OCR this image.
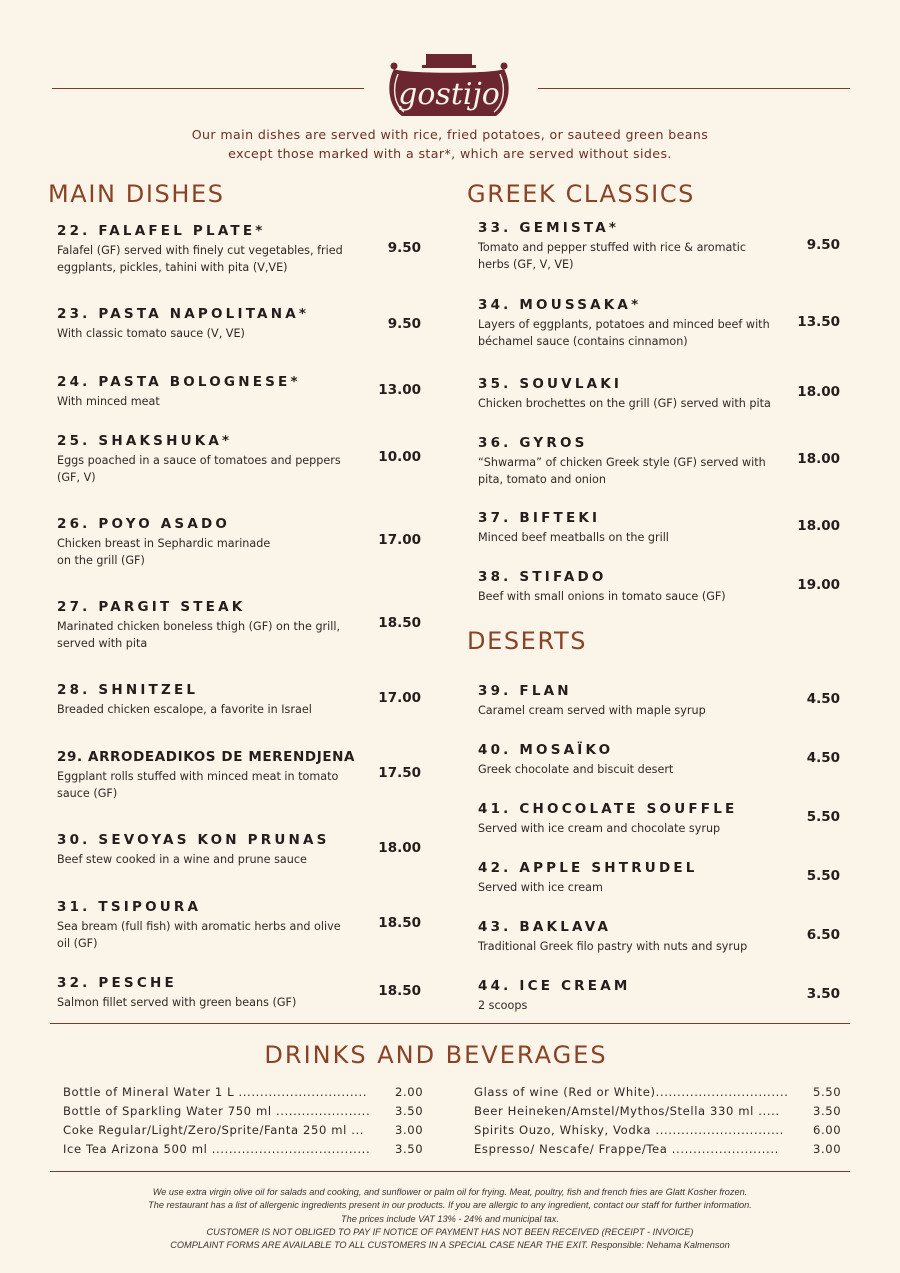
gostijo
Our main dishes are served with rice, fried potatoes, or sauteed green beans
except those marked with a star*, which are served without sides.
MAIN DISHES
22. FALAFEL PLATE*
Falafel (GF) served with finely cut vegetables, fried eggplants, pickles, tahini with pita (V,VE)
9.50
23. PASTA NAPOLITANA*
With classic tomato sauce (V, VE)
9.50
24. PASTA BOLOGNESE*
With minced meat
13.00
25. SHAKSHUKA*
Eggs poached in a sauce of tomatoes and peppers (GF, V)
10.00
26. POYO ASADO
Chicken breast in Sephardic marinade on the grill (GF)
17.00
27. PARGIT STEAK
Marinated chicken boneless thigh (GF) on the grill, served with pita
18.50
28. SHNITZEL
Breaded chicken escalope, a favorite in Israel
17.00
29. ARRODEADIKOS DE MERENDJENA
Eggplant rolls stuffed with minced meat in tomato sauce (GF)
17.50
30. SEVOYAS KON PRUNAS
Beef stew cooked in a wine and prune sauce
18.00
31. TSIPOURA
Sea bream (full fish) with aromatic herbs and olive oil (GF)
18.50
32. PESCHE
Salmon fillet served with green beans (GF)
18.50
GREEK CLASSICS
33. GEMISTA*
Tomato and pepper stuffed with rice & aromatic herbs (GF, V, VE)
9.50
34. MOUSSAKA*
Layers of eggplants, potatoes and minced beef with béchamel sauce (contains cinnamon)
13.50
35. SOUVLAKI
Chicken brochettes on the grill (GF) served with pita
18.00
36. GYROS
“Shwarma” of chicken Greek style (GF) served with pita, tomato and onion
18.00
37. BIFTEKI
Minced beef meatballs on the grill
18.00
38. STIFADO
Beef with small onions in tomato sauce (GF)
19.00
DESERTS
39. FLAN
Caramel cream served with maple syrup
4.50
40. MOSAÏKO
Greek chocolate and biscuit desert
4.50
41. CHOCOLATE SOUFFLE
Served with ice cream and chocolate syrup
5.50
42. APPLE SHTRUDEL
Served with ice cream
5.50
43. BAKLAVA
Traditional Greek filo pastry with nuts and syrup
6.50
44. ICE CREAM
2 scoops
3.50
DRINKS AND BEVERAGES
Bottle of Mineral Water 1 L .............................. 2.00
Bottle of Sparkling Water 750 ml ...................... 3.50
Coke Regular/Light/Zero/Sprite/Fanta 250 ml ...	3.00
Ice Tea Arizona 500 ml ..................................... 3.50
Glass of wine (Red or White)............................... 5.50
Beer Heineken/Amstel/Mythos/Stella 330 ml .....	3.50
Spirits Ouzo, Whisky, Vodka ..............................	6.00
Espresso/ Nescafe/ Frappe/Tea .........................	3.00
We use extra virgin olive oil for salads and cooking, and sunflower or palm oil for frying. Meat, poultry, fish and french fries are Glatt Kosher frozen.
The restaurant has a list of allergenic ingredients present in our products. If you are allergic to any ingredient, contact our staff for further information.
The prices include VAT 13% - 24% and municipal tax.
CUSTOMER IS NOT OBLIGED TO PAY IF NOTICE OF PAYMENT HAS NOT BEEN RECEIVED (RECEIPT - INVOICE)
COMPLAINT FORMS ARE AVAILABLE TO ALL CUSTOMERS IN A SPECIAL CASE NEAR THE EXIT. Responsible: Nehama Kalmenson
